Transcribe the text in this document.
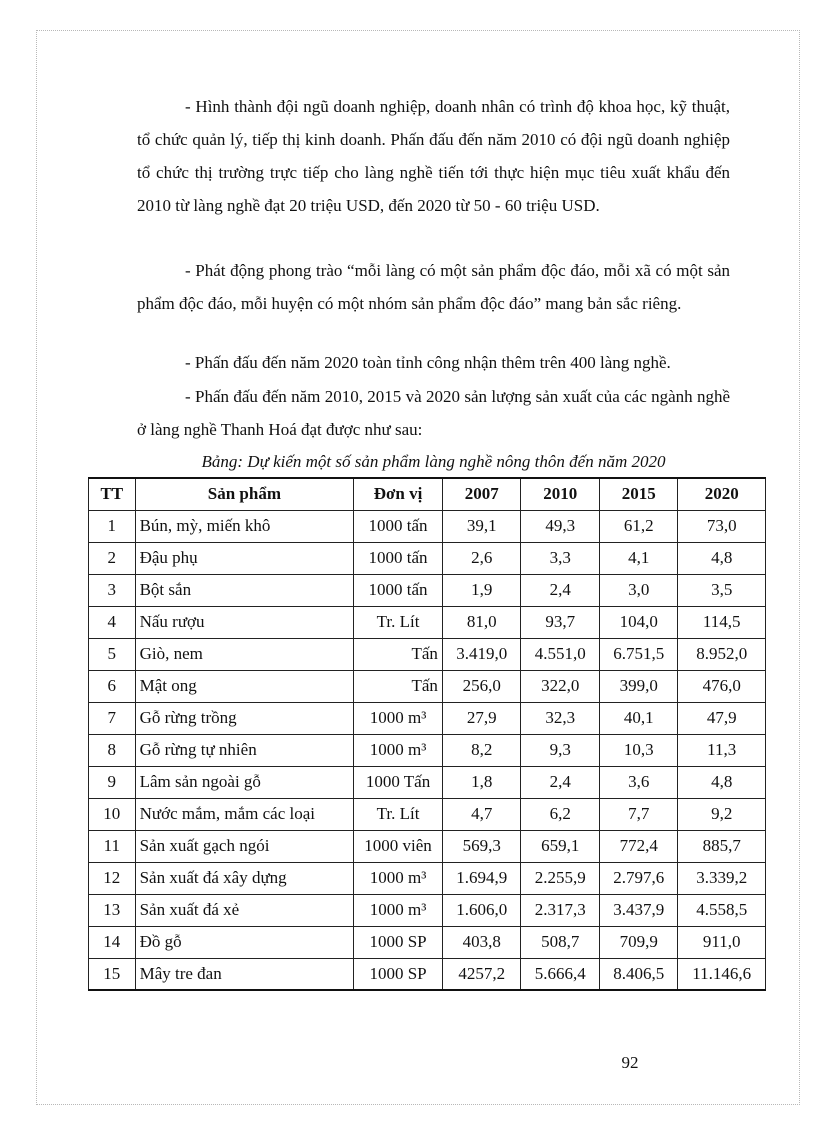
- Hình thành đội ngũ doanh nghiệp, doanh nhân có trình độ khoa học, kỹ thuật, tổ chức quản lý, tiếp thị kinh doanh. Phấn đấu đến năm 2010 có đội ngũ doanh nghiệp tổ chức thị trường trực tiếp cho làng nghề tiến tới thực hiện mục tiêu xuất khẩu đến 2010 từ làng nghề đạt 20 triệu USD, đến 2020 từ 50 - 60 triệu USD.

- Phát động phong trào “mỗi làng có một sản phẩm độc đáo, mỗi xã có một sản phẩm độc đáo, mỗi huyện có một nhóm sản phẩm độc đáo” mang bản sắc riêng.

- Phấn đấu đến năm 2020 toàn tỉnh công nhận thêm trên 400 làng nghề.

- Phấn đấu đến năm 2010, 2015 và 2020 sản lượng sản xuất của các ngành nghề ở làng nghề Thanh Hoá đạt được như sau:

Bảng: Dự kiến một số sản phẩm làng nghề nông thôn đến năm 2020
TT	Sản phẩm	Đơn vị	2007	2010	2015	2020
1	Bún, mỳ, miến khô	1000 tấn	39,1	49,3	61,2	73,0
2	Đậu phụ	1000 tấn	2,6	3,3	4,1	4,8
3	Bột sắn	1000 tấn	1,9	2,4	3,0	3,5
4	Nấu rượu	Tr. Lít	81,0	93,7	104,0	114,5
5	Giò, nem	Tấn	3.419,0	4.551,0	6.751,5	8.952,0
6	Mật ong	Tấn	256,0	322,0	399,0	476,0
7	Gỗ rừng trồng	1000 m³	27,9	32,3	40,1	47,9
8	Gỗ rừng tự nhiên	1000 m³	8,2	9,3	10,3	11,3
9	Lâm sản ngoài gỗ	1000 Tấn	1,8	2,4	3,6	4,8
10	Nước mắm, mắm các loại	Tr. Lít	4,7	6,2	7,7	9,2
11	Sản xuất gạch ngói	1000 viên	569,3	659,1	772,4	885,7
12	Sản xuất đá xây dựng	1000 m³	1.694,9	2.255,9	2.797,6	3.339,2
13	Sản xuất đá xẻ	1000 m³	1.606,0	2.317,3	3.437,9	4.558,5
14	Đồ gỗ	1000 SP	403,8	508,7	709,9	911,0
15	Mây tre đan	1000 SP	4257,2	5.666,4	8.406,5	11.146,6
92
